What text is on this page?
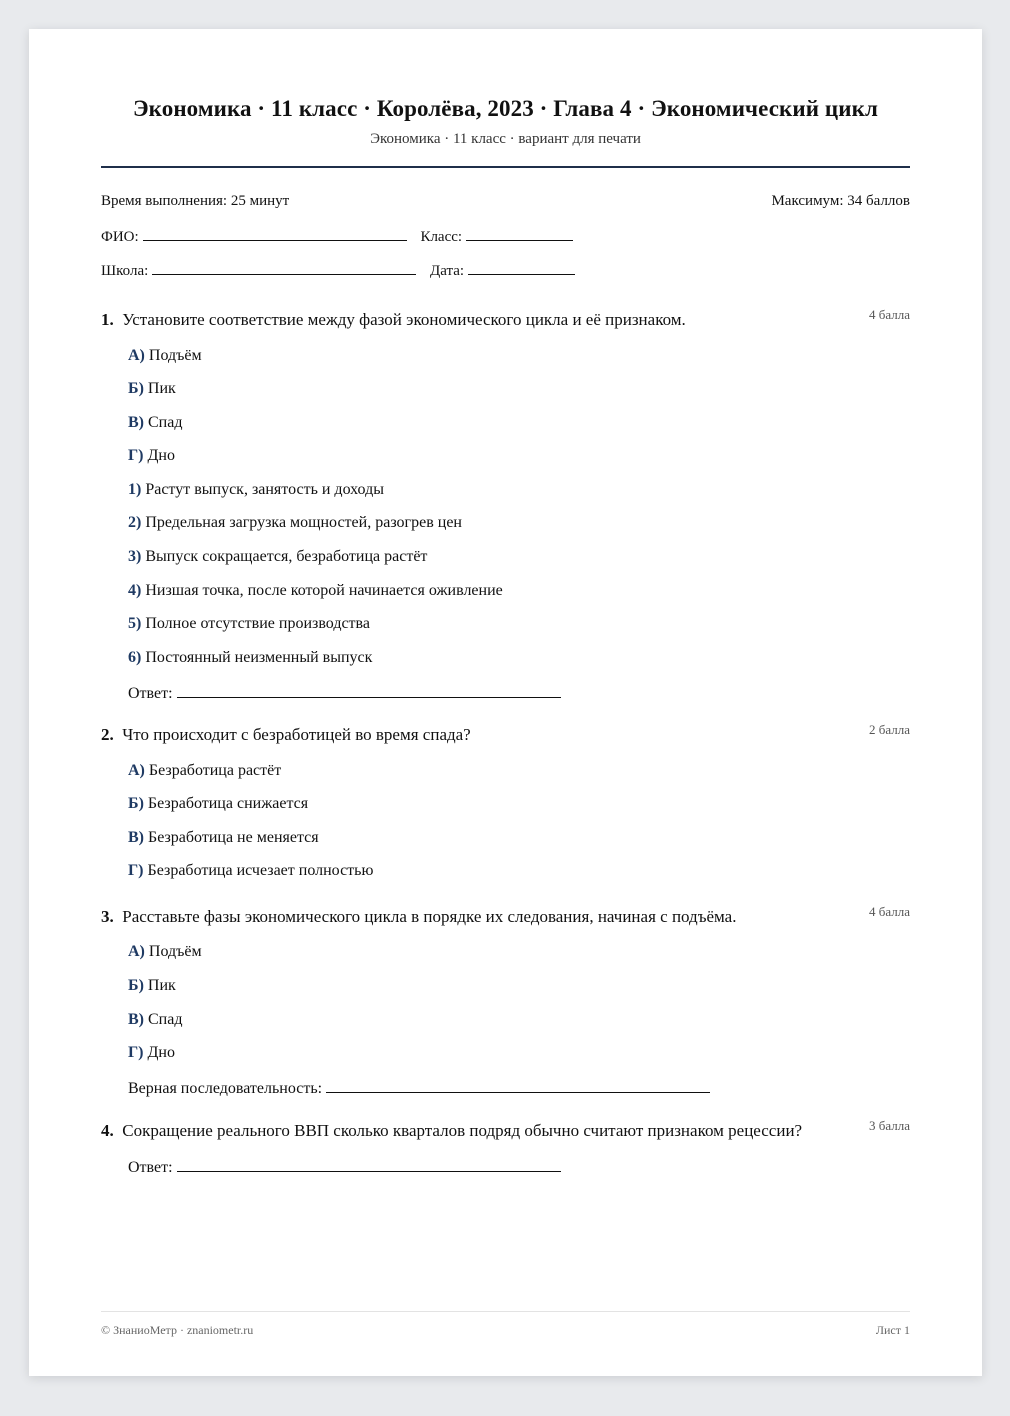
Экономика · 11 класс · Королёва, 2023 · Глава 4 · Экономический цикл
Экономика · 11 класс · вариант для печати
Время выполнения: 25 минут	Максимум: 34 баллов
ФИО:	Класс:
Школа:	Дата:
1. Установите соответствие между фазой экономического цикла и её признаком.	4 балла
А) Подъём
Б) Пик
В) Спад
Г) Дно
1) Растут выпуск, занятость и доходы
2) Предельная загрузка мощностей, разогрев цен
3) Выпуск сокращается, безработица растёт
4) Низшая точка, после которой начинается оживление
5) Полное отсутствие производства
6) Постоянный неизменный выпуск
Ответ:
2. Что происходит с безработицей во время спада?	2 балла
А) Безработица растёт
Б) Безработица снижается
В) Безработица не меняется
Г) Безработица исчезает полностью
3. Расставьте фазы экономического цикла в порядке их следования, начиная с подъёма.	4 балла
А) Подъём
Б) Пик
В) Спад
Г) Дно
Верная последовательность:
4. Сокращение реального ВВП сколько кварталов подряд обычно считают признаком рецессии?	3 балла
Ответ:
© ЗнаниоМетр · znaniometr.ru	Лист 1
